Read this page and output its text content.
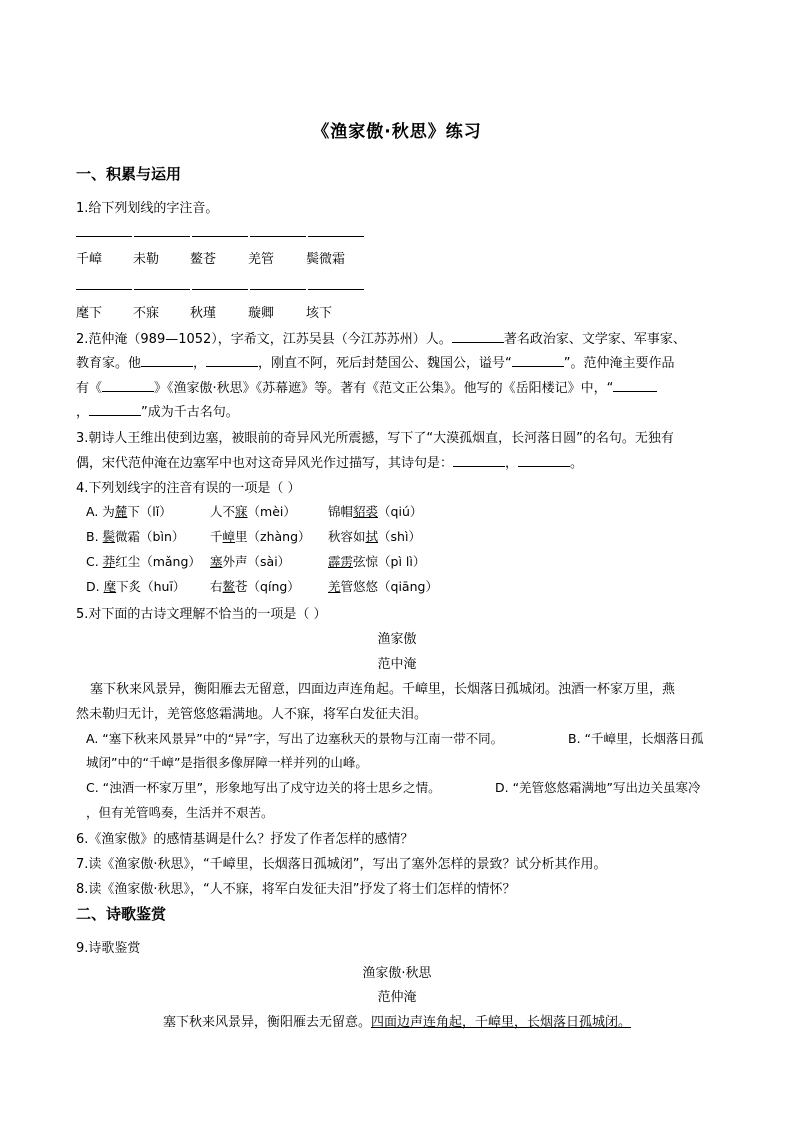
《渔家傲·秋思》练习
一、积累与运用
1.给下列划线的字注音。
千嶂 未勒 鳌苍 羌管 鬓微霜
麾下 不寐 秋瑾 璇卿 垓下
2.范仲淹（989—1052），字希文，江苏吴县（今江苏苏州）人。	著名政治家、文学家、军事家、
教育家。他	，	，刚直不阿，死后封楚国公、魏国公，谥号“	”。范仲淹主要作品
有《	》《渔家傲·秋思》《苏幕遮》等。著有《范文正公集》。他写的《岳阳楼记》中，“
，	”成为千古名句。
3.朝诗人王维出使到边塞，被眼前的奇异风光所震撼，写下了“大漠孤烟直，长河落日圆”的名句。无独有
偶，宋代范仲淹在边塞军中也对这奇异风光作过描写，其诗句是：	，	。
4.下列划线字的注音有误的一项是（ ）
A. 为麓下（lǐ）	人不寐（mèi）	锦帽貂裘（qiú）
B. 鬓微霜（bìn） 千嶂里（zhàng） 秋容如拭（shì）
C. 莽红尘（mǎng） 塞外声（sài）	霹雳弦惊（pì lì）
D. 麾下炙（huī） 右鳌苍（qíng） 羌管悠悠（qiāng）
5.对下面的古诗文理解不恰当的一项是（ ）
渔家傲
范中淹
塞下秋来风景异，衡阳雁去无留意，四面边声连角起。千嶂里，长烟落日孤城闭。浊酒一杯家万里，燕
然未勒归无计，羌管悠悠霜满地。人不寐，将军白发征夫泪。
A. “塞下秋来风景异”中的“异”字，写出了边塞秋天的景物与江南一带不同。	B. “千嶂里，长烟落日孤
城闭”中的“千嶂”是指很多像屏障一样并列的山峰。
C. “浊酒一杯家万里”，形象地写出了戍守边关的将士思乡之情。	D. “羌管悠悠霜满地”写出边关虽寒冷
，但有羌管鸣奏，生活并不艰苦。
6.《渔家傲》的感情基调是什么？抒发了作者怎样的感情？
7.读《渔家傲·秋思》，“千嶂里，长烟落日孤城闭”，写出了塞外怎样的景致？试分析其作用。
8.读《渔家傲·秋思》，“人不寐，将军白发征夫泪”抒发了将士们怎样的情怀？
二、诗歌鉴赏
9.诗歌鉴赏
渔家傲·秋思
范仲淹
塞下秋来风景异，衡阳雁去无留意。四面边声连角起，千嶂里，长烟落日孤城闭。
